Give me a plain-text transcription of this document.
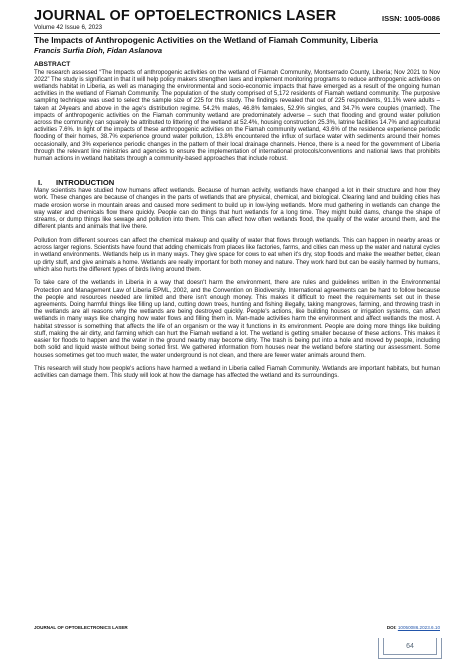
JOURNAL OF OPTOELECTRONICS LASER	ISSN: 1005-0086
Volume 42 Issue 6, 2023
The Impacts of Anthropogenic Activities on the Wetland of Fiamah Community, Liberia
Francis Surfia Dioh, Fidan Aslanova
ABSTRACT

The research assessed “The Impacts of anthropogenic activities on the wetland of Fiamah Community, Montserrado County, Liberia; Nov 2021 to Nov 2022” The study is significant in that it will help policy makers strengthen laws and implement monitoring programs to reduce anthropogenic activities on wetlands habitat in Liberia, as well as managing the environmental and socio-economic impacts that have emerged as a result of the ongoing human activities in the wetland of Fiamah Community. The population of the study comprised of 5,172 residents of Fiamah wetland community. The purposive sampling technique was used to select the sample size of 225 for this study. The findings revealed that out of 225 respondents, 91.1% were adults – taken at 24years and above in the age's distribution regime. 54.2% males, 46.8% females, 52.9% singles, and 34.7% were couples (married). The impacts of anthropogenic activities on the Fiamah community wetland are predominately adverse – such that flooding and ground water pollution across the community can squarely be attributed to littering of the wetland at 52.4%, housing construction 25.3%, latrine facilities 14.7% and agricultural activities 7.6%. In light of the impacts of these anthropogenic activities on the Fiamah community wetland, 43.6% of the residence experience periodic flooding of their homes, 38.7% experience ground water pollution, 13.8% encountered the influx of surface water with sediments around their homes occasionally, and 3% experience periodic changes in the pattern of their local drainage channels. Hence, there is a need for the government of Liberia through the relevant line ministries and agencies to ensure the implementation of international protocols/conventions and national laws that prohibits human actions in wetland habitats through a community-based approaches that include robust.

I.	INTRODUCTION

Many scientists have studied how humans affect wetlands. Because of human activity, wetlands have changed a lot in their structure and how they work. These changes are because of changes in the parts of wetlands that are physical, chemical, and biological. Clearing land and building cities has made erosion worse in mountain areas and caused more sediment to build up in low-lying wetlands. More mud gathering in wetlands can change the way water and chemicals flow there quickly. People can do things that hurt wetlands for a long time. They might build dams, change the shape of streams, or dump things like sewage and pollution into them. This can affect how often wetlands flood, the quality of the water around them, and the different plants and animals that live there.

Pollution from different sources can affect the chemical makeup and quality of water that flows through wetlands. This can happen in nearby areas or across larger regions. Scientists have found that adding chemicals from places like factories, farms, and cities can mess up the water and natural cycles in wetland environments. Wetlands help us in many ways. They give space for cows to eat when it's dry, stop floods and make the weather better, clean up dirty stuff, and give animals a home. Wetlands are really important for both money and nature. They work hard but can be easily harmed by humans, which also hurts the different types of birds living around them.

To take care of the wetlands in Liberia in a way that doesn't harm the environment, there are rules and guidelines written in the Environmental Protection and Management Law of Liberia EPML, 2002, and the Convention on Biodiversity. International agreements can be hard to follow because the people and resources needed are limited and there isn't enough money. This makes it difficult to meet the requirements set out in these agreements. Doing harmful things like filling up land, cutting down trees, hunting and fishing illegally, taking mangroves, farming, and throwing trash in the wetlands are all reasons why the wetlands are being destroyed quickly. People's actions, like building houses or irrigation systems, can affect wetlands in many ways like changing how water flows and filling them in. Man-made activities harm the environment and affect wetlands the most. A habitat stressor is something that affects the life of an organism or the way it functions in its environment. People are doing more things like building stuff, making the air dirty, and farming which can hurt the Fiamah wetland a lot. The wetland is getting smaller because of these actions. This makes it easier for floods to happen and the water in the ground nearby may become dirty. The trash is being put into a hole and moved by people, including both solid and liquid waste without being sorted first. We gathered information from houses near the wetland before starting our assessment. Some houses sometimes get too much water, the water underground is not clean, and there are fewer water animals around them.

This research will study how people's actions have harmed a wetland in Liberia called Fiamah Community. Wetlands are important habitats, but human activities can damage them. This study will look at how the damage has affected the wetland and its surroundings.

JOURNAL OF OPTOELECTRONICS LASER	DOI: 10050086.2023.6.10
64
